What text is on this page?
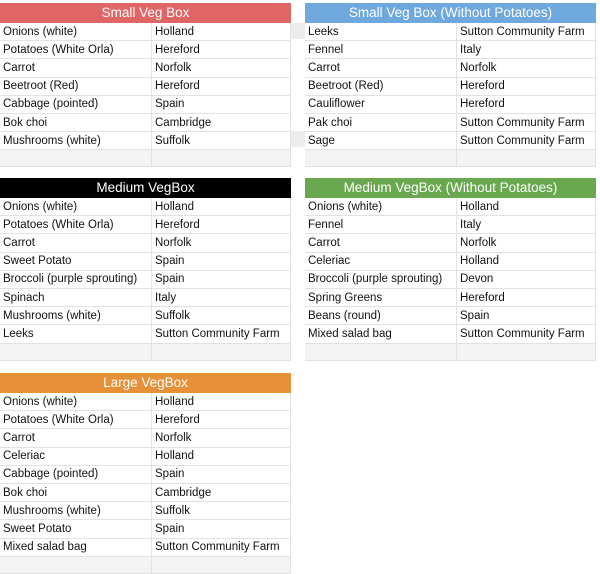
Small Veg Box
Onions (white)	Holland
Potatoes (White Orla)	Hereford
Carrot	Norfolk
Beetroot (Red)	Hereford
Cabbage (pointed)	Spain
Bok choi	Cambridge
Mushrooms (white)	Suffolk

Small Veg Box (Without Potatoes)
Leeks	Sutton Community Farm
Fennel	Italy
Carrot	Norfolk
Beetroot (Red)	Hereford
Cauliflower	Hereford
Pak choi	Sutton Community Farm
Sage	Sutton Community Farm

Medium VegBox
Onions (white)	Holland
Potatoes (White Orla)	Hereford
Carrot	Norfolk
Sweet Potato	Spain
Broccoli (purple sprouting)	Spain
Spinach	Italy
Mushrooms (white)	Suffolk
Leeks	Sutton Community Farm

Medium VegBox (Without Potatoes)
Onions (white)	Holland
Fennel	Italy
Carrot	Norfolk
Celeriac	Holland
Broccoli (purple sprouting)	Devon
Spring Greens	Hereford
Beans (round)	Spain
Mixed salad bag	Sutton Community Farm

Large VegBox
Onions (white)	Holland
Potatoes (White Orla)	Hereford
Carrot	Norfolk
Celeriac	Holland
Cabbage (pointed)	Spain
Bok choi	Cambridge
Mushrooms (white)	Suffolk
Sweet Potato	Spain
Mixed salad bag	Sutton Community Farm
